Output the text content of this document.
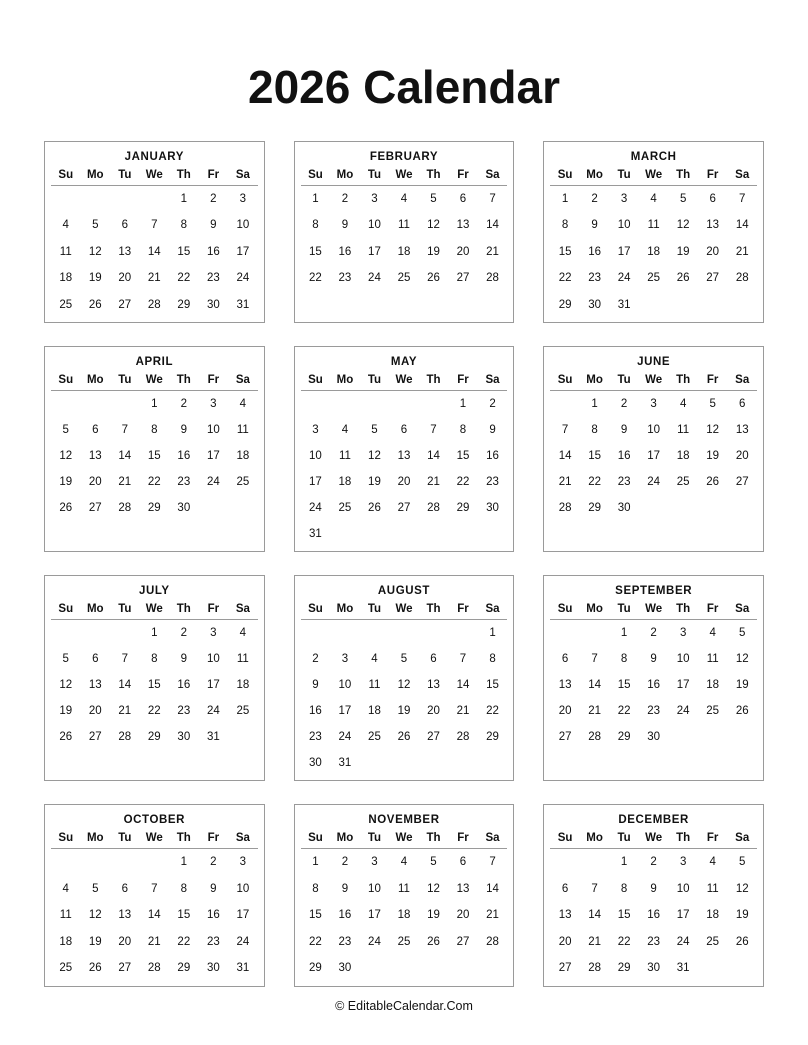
2026 Calendar
JANUARY
Su	Mo	Tu	We	Th	Fr	Sa
				1	2	3
4	5	6	7	8	9	10
11	12	13	14	15	16	17
18	19	20	21	22	23	24
25	26	27	28	29	30	31
FEBRUARY
Su	Mo	Tu	We	Th	Fr	Sa
1	2	3	4	5	6	7
8	9	10	11	12	13	14
15	16	17	18	19	20	21
22	23	24	25	26	27	28

MARCH
Su	Mo	Tu	We	Th	Fr	Sa
1	2	3	4	5	6	7
8	9	10	11	12	13	14
15	16	17	18	19	20	21
22	23	24	25	26	27	28
29	30	31				
APRIL
Su	Mo	Tu	We	Th	Fr	Sa
			1	2	3	4
5	6	7	8	9	10	11
12	13	14	15	16	17	18
19	20	21	22	23	24	25
26	27	28	29	30		

MAY
Su	Mo	Tu	We	Th	Fr	Sa
					1	2
3	4	5	6	7	8	9
10	11	12	13	14	15	16
17	18	19	20	21	22	23
24	25	26	27	28	29	30
31						
JUNE
Su	Mo	Tu	We	Th	Fr	Sa
	1	2	3	4	5	6
7	8	9	10	11	12	13
14	15	16	17	18	19	20
21	22	23	24	25	26	27
28	29	30				

JULY
Su	Mo	Tu	We	Th	Fr	Sa
			1	2	3	4
5	6	7	8	9	10	11
12	13	14	15	16	17	18
19	20	21	22	23	24	25
26	27	28	29	30	31	

AUGUST
Su	Mo	Tu	We	Th	Fr	Sa
						1
2	3	4	5	6	7	8
9	10	11	12	13	14	15
16	17	18	19	20	21	22
23	24	25	26	27	28	29
30	31					
SEPTEMBER
Su	Mo	Tu	We	Th	Fr	Sa
		1	2	3	4	5
6	7	8	9	10	11	12
13	14	15	16	17	18	19
20	21	22	23	24	25	26
27	28	29	30			

OCTOBER
Su	Mo	Tu	We	Th	Fr	Sa
				1	2	3
4	5	6	7	8	9	10
11	12	13	14	15	16	17
18	19	20	21	22	23	24
25	26	27	28	29	30	31
NOVEMBER
Su	Mo	Tu	We	Th	Fr	Sa
1	2	3	4	5	6	7
8	9	10	11	12	13	14
15	16	17	18	19	20	21
22	23	24	25	26	27	28
29	30					
DECEMBER
Su	Mo	Tu	We	Th	Fr	Sa
		1	2	3	4	5
6	7	8	9	10	11	12
13	14	15	16	17	18	19
20	21	22	23	24	25	26
27	28	29	30	31		
© EditableCalendar.Com
